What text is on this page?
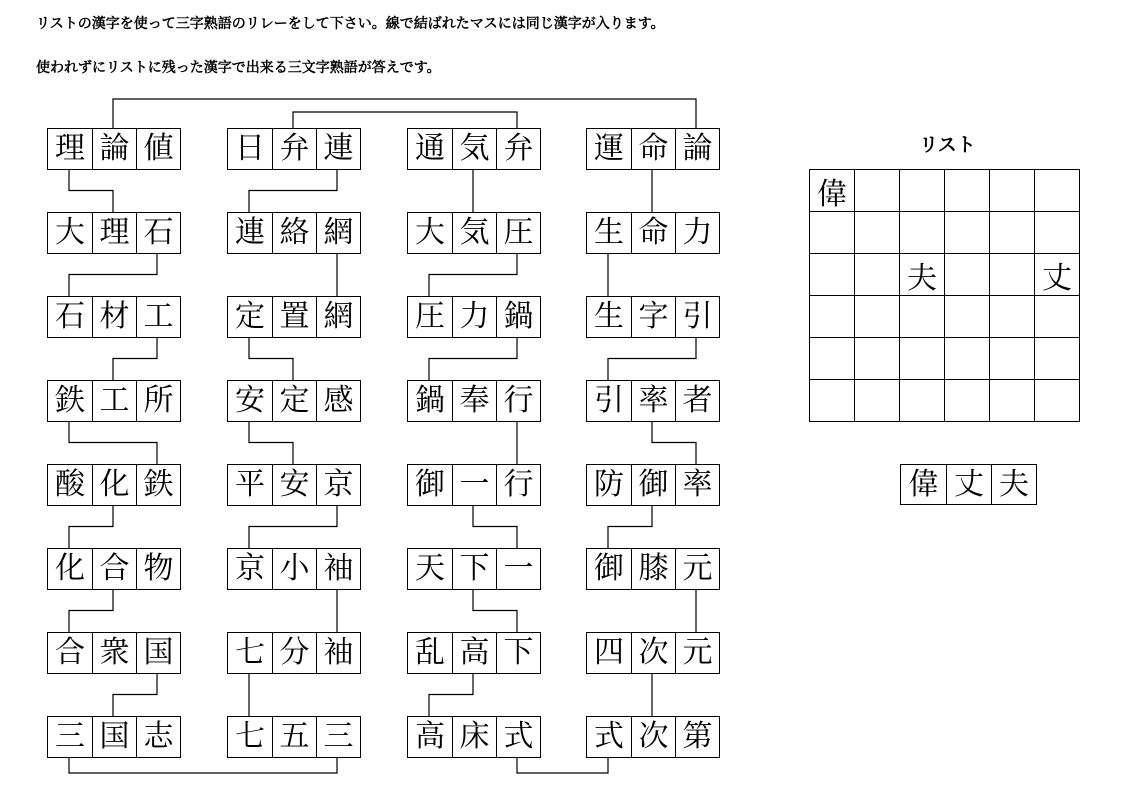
リストの漢字を使って三字熟語のリレーをして下さい。線で結ばれたマスには同じ漢字が入ります。
使われずにリストに残った漢字で出来る三文字熟語が答えです。
理 論 値
大 理 石
石 材 工
鉄 工 所
酸 化 鉄
化 合 物
合 衆 国
三 国 志
日 弁 連
連 絡 網
定 置 網
安 定 感
平 安 京
京 小 袖
七 分 袖
七 五 三
通 気 弁
大 気 圧
圧 力 鍋
鍋 奉 行
御 一 行
天 下 一
乱 高 下
高 床 式
運 命 論
生 命 力
生 字 引
引 率 者
防 御 率
御 膝 元
四 次 元
式 次 第
リスト
偉
夫	丈
偉 丈 夫
